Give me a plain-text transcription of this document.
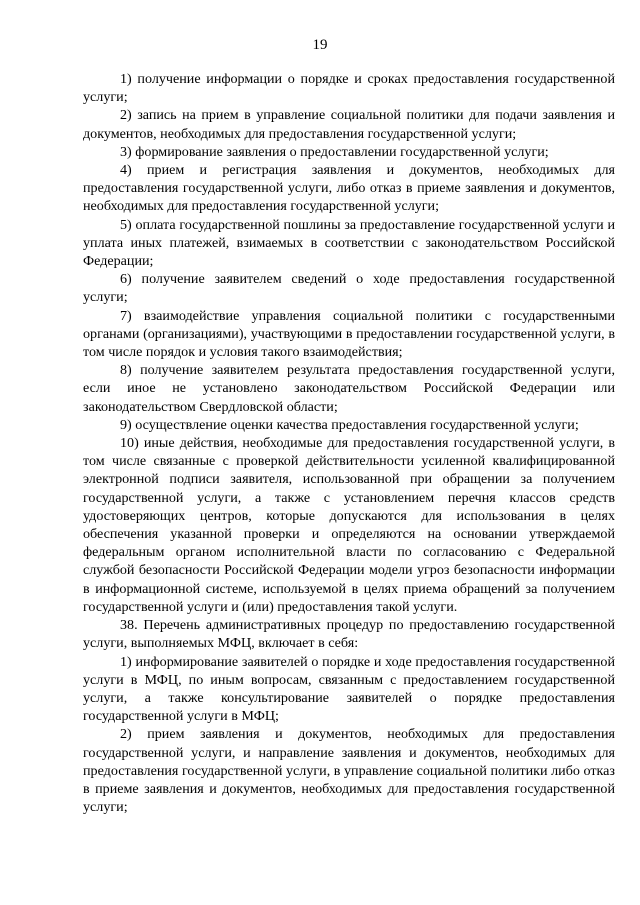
19

1) получение информации о порядке и сроках предоставления государственной услуги;

2) запись на прием в управление социальной политики для подачи заявления и документов, необходимых для предоставления государственной услуги;

3) формирование заявления о предоставлении государственной услуги;

4) прием и регистрация заявления и документов, необходимых для предоставления государственной услуги, либо отказ в приеме заявления и документов, необходимых для предоставления государственной услуги;

5) оплата государственной пошлины за предоставление государственной услуги и уплата иных платежей, взимаемых в соответствии с законодательством Российской Федерации;

6) получение заявителем сведений о ходе предоставления государственной услуги;

7) взаимодействие управления социальной политики с государственными органами (организациями), участвующими в предоставлении государственной услуги, в том числе порядок и условия такого взаимодействия;

8) получение заявителем результата предоставления государственной услуги, если иное не установлено законодательством Российской Федерации или законодательством Свердловской области;

9) осуществление оценки качества предоставления государственной услуги;

10) иные действия, необходимые для предоставления государственной услуги, в том числе связанные с проверкой действительности усиленной квалифицированной электронной подписи заявителя, использованной при обращении за получением государственной услуги, а также с установлением перечня классов средств удостоверяющих центров, которые допускаются для использования в целях обеспечения указанной проверки и определяются на основании утверждаемой федеральным органом исполнительной власти по согласованию с Федеральной службой безопасности Российской Федерации модели угроз безопасности информации в информационной системе, используемой в целях приема обращений за получением государственной услуги и (или) предоставления такой услуги.

38. Перечень административных процедур по предоставлению государственной услуги, выполняемых МФЦ, включает в себя:

1) информирование заявителей о порядке и ходе предоставления государственной услуги в МФЦ, по иным вопросам, связанным с предоставлением государственной услуги, а также консультирование заявителей о порядке предоставления государственной услуги в МФЦ;

2) прием заявления и документов, необходимых для предоставления государственной услуги, и направление заявления и документов, необходимых для предоставления государственной услуги, в управление социальной политики либо отказ в приеме заявления и документов, необходимых для предоставления государственной услуги;
